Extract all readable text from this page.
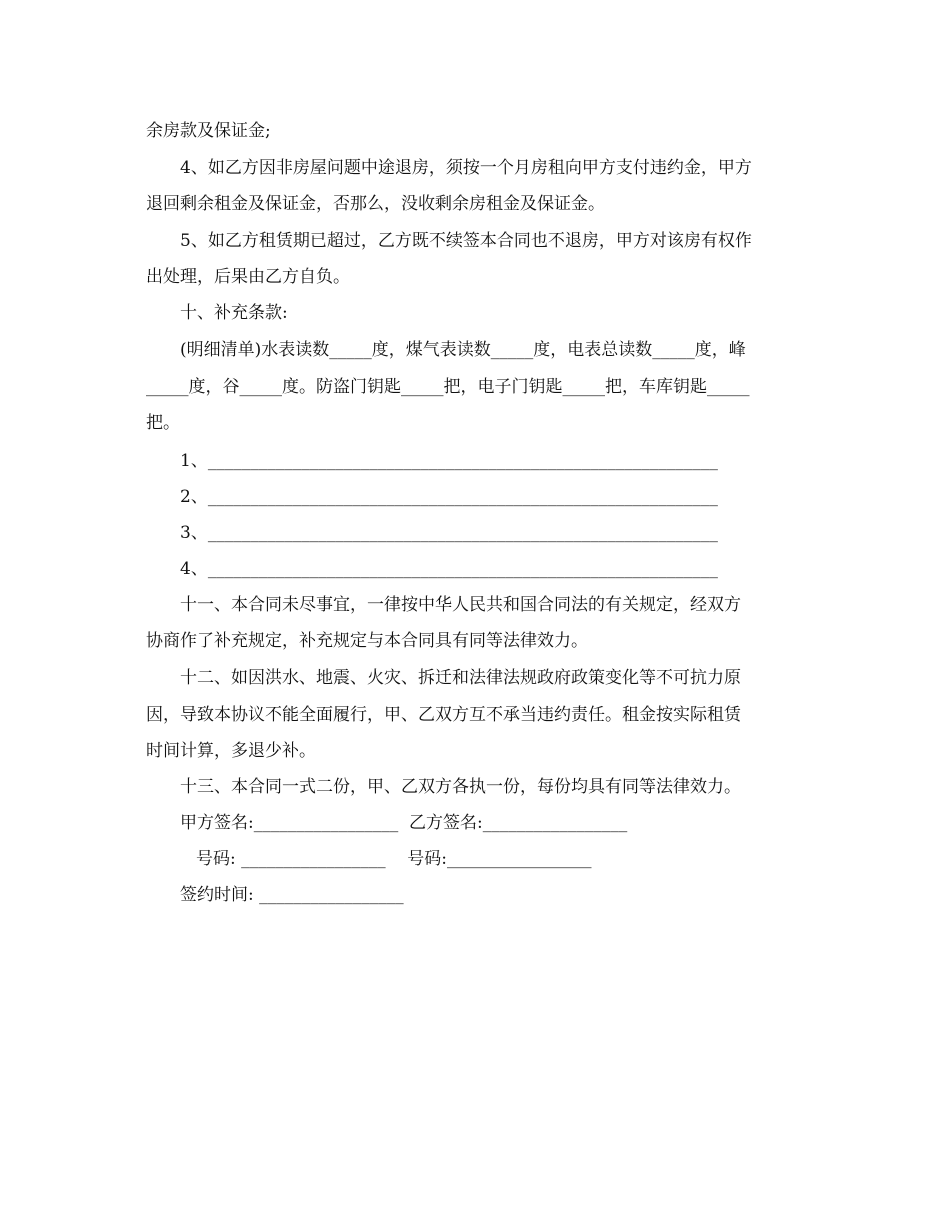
余房款及保证金;
4、如乙方因非房屋问题中途退房，须按一个月房租向甲方支付违约金，甲方
退回剩余租金及保证金，否那么，没收剩余房租金及保证金。
5、如乙方租赁期已超过，乙方既不续签本合同也不退房，甲方对该房有权作
出处理，后果由乙方自负。
十、补充条款:
(明细清单)水表读数_____度，煤气表读数_____度，电表总读数_____度，峰
_____度，谷_____度。防盗门钥匙_____把，电子门钥匙_____把，车库钥匙_____
把。
1、____________________________________________________________
2、____________________________________________________________
3、____________________________________________________________
4、____________________________________________________________
十一、本合同未尽事宜，一律按中华人民共和国合同法的有关规定，经双方
协商作了补充规定，补充规定与本合同具有同等法律效力。
十二、如因洪水、地震、火灾、拆迁和法律法规政府政策变化等不可抗力原
因，导致本协议不能全面履行，甲、乙双方互不承当违约责任。租金按实际租赁
时间计算，多退少补。
十三、本合同一式二份，甲、乙双方各执一份，每份均具有同等法律效力。
甲方签名:_________________  乙方签名:_________________
号码: _________________    号码:_________________
签约时间: _________________
